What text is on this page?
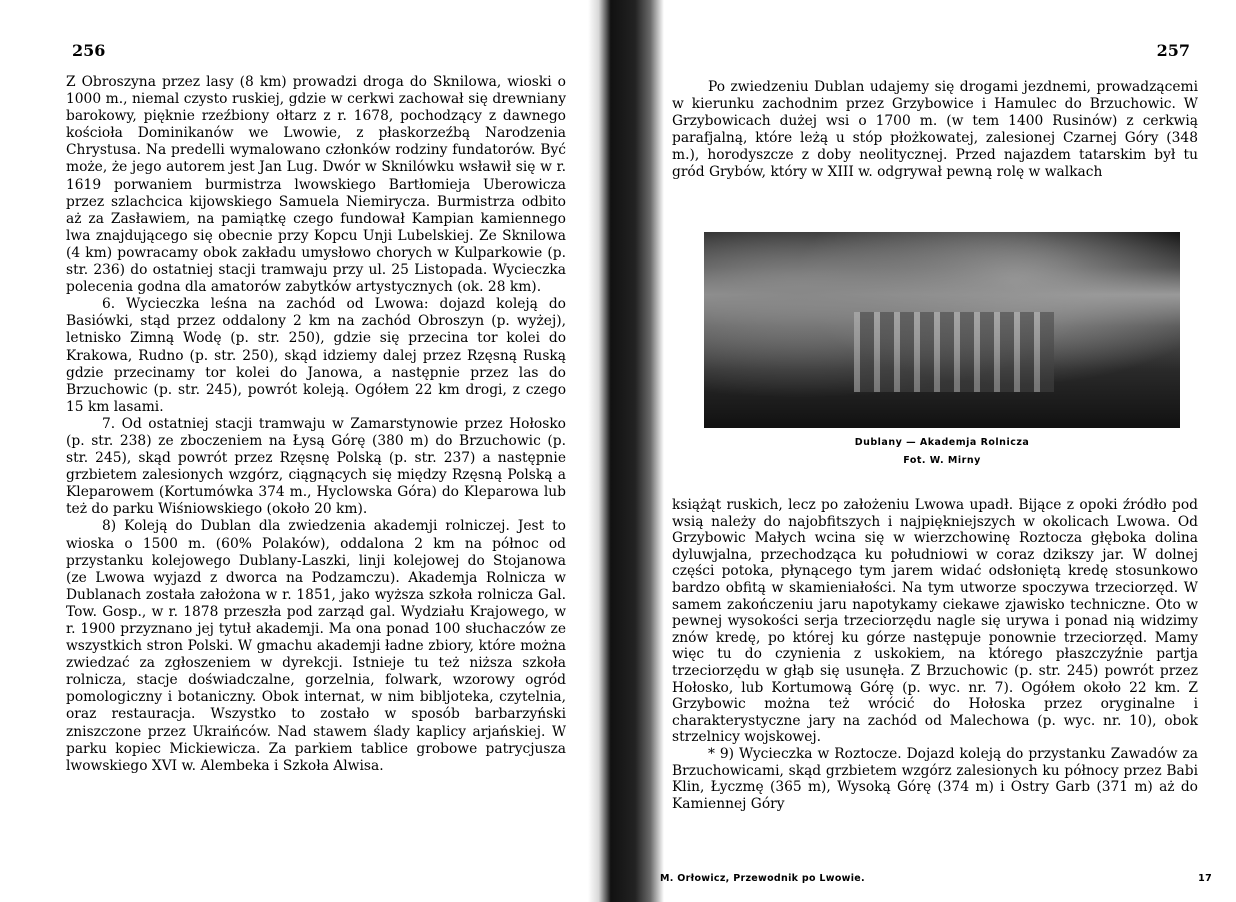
256

Z Obroszyna przez lasy (8 km) prowadzi droga do Sknilowa, wioski o 1000 m., niemal czysto ruskiej, gdzie w cerkwi zachował się drewniany barokowy, pięknie rzeźbiony ołtarz z r. 1678, pochodzący z dawnego kościoła Dominikanów we Lwowie, z płaskorzeźbą Narodzenia Chrystusa. Na predelli wymalowano członków rodziny fundatorów. Być może, że jego autorem jest Jan Lug. Dwór w Sknilówku wsławił się w r. 1619 porwaniem burmistrza lwowskiego Bartłomieja Uberowicza przez szlachcica kijowskiego Samuela Niemirycza. Burmistrza odbito aż za Zasławiem, na pamiątkę czego fundował Kampian kamiennego lwa znajdującego się obecnie przy Kopcu Unji Lubelskiej. Ze Sknilowa (4 km) powracamy obok zakładu umysłowo chorych w Kulparkowie (p. str. 236) do ostatniej stacji tramwaju przy ul. 25 Listopada. Wycieczka polecenia godna dla amatorów zabytków artystycznych (ok. 28 km).

6. Wycieczka leśna na zachód od Lwowa: dojazd koleją do Basiówki, stąd przez oddalony 2 km na zachód Obroszyn (p. wyżej), letnisko Zimną Wodę (p. str. 250), gdzie się przecina tor kolei do Krakowa, Rudno (p. str. 250), skąd idziemy dalej przez Rzęsną Ruską gdzie przecinamy tor kolei do Janowa, a następnie przez las do Brzuchowic (p. str. 245), powrót koleją. Ogółem 22 km drogi, z czego 15 km lasami.

7. Od ostatniej stacji tramwaju w Zamarstynowie przez Hołosko (p. str. 238) ze zboczeniem na Łysą Górę (380 m) do Brzuchowic (p. str. 245), skąd powrót przez Rzęsnę Polską (p. str. 237) a następnie grzbietem zalesionych wzgórz, ciągnących się między Rzęsną Polską a Kleparowem (Kortumówka 374 m., Hyclowska Góra) do Kleparowa lub też do parku Wiśniowskiego (około 20 km).

8) Koleją do Dublan dla zwiedzenia akademji rolniczej. Jest to wioska o 1500 m. (60% Polaków), oddalona 2 km na północ od przystanku kolejowego Dublany-Laszki, linji kolejowej do Stojanowa (ze Lwowa wyjazd z dworca na Podzamczu). Akademja Rolnicza w Dublanach została założona w r. 1851, jako wyższa szkoła rolnicza Gal. Tow. Gosp., w r. 1878 przeszła pod zarząd gal. Wydziału Krajowego, w r. 1900 przyznano jej tytuł akademji. Ma ona ponad 100 słuchaczów ze wszystkich stron Polski. W gmachu akademji ładne zbiory, które można zwiedzać za zgłoszeniem w dyrekcji. Istnieje tu też niższa szkoła rolnicza, stacje doświadczalne, gorzelnia, folwark, wzorowy ogród pomologiczny i botaniczny. Obok internat, w nim bibljoteka, czytelnia, oraz restauracja. Wszystko to zostało w sposób barbarzyński zniszczone przez Ukraińców. Nad stawem ślady kaplicy arjańskiej. W parku kopiec Mickiewicza. Za parkiem tablice grobowe patrycjusza lwowskiego XVI w. Alembeka i Szkoła Alwisa.

257

Po zwiedzeniu Dublan udajemy się drogami jezdnemi, prowadzącemi w kierunku zachodnim przez Grzybowice i Hamulec do Brzuchowic. W Grzybowicach dużej wsi o 1700 m. (w tem 1400 Rusinów) z cerkwią parafjalną, które leżą u stóp płożkowatej, zalesionej Czarnej Góry (348 m.), horodyszcze z doby neolitycznej. Przed najazdem tatarskim był tu gród Grybów, który w XIII w. odgrywał pewną rolę w walkach

Dublany — Akademja Rolnicza
Fot. W. Mirny

książąt ruskich, lecz po założeniu Lwowa upadł. Bijące z opoki źródło pod wsią należy do najobfitszych i najpiękniejszych w okolicach Lwowa. Od Grzybowic Małych wcina się w wierzchowinę Roztocza głęboka dolina dyluwjalna, przechodząca ku południowi w coraz dzikszy jar. W dolnej części potoka, płynącego tym jarem widać odsłoniętą kredę stosunkowo bardzo obfitą w skamieniałości. Na tym utworze spoczywa trzeciorzęd. W samem zakończeniu jaru napotykamy ciekawe zjawisko techniczne. Oto w pewnej wysokości serja trzeciorzędu nagle się urywa i ponad nią widzimy znów kredę, po której ku górze następuje ponownie trzeciorzęd. Mamy więc tu do czynienia z uskokiem, na którego płaszczyźnie partja trzeciorzędu w głąb się usunęła. Z Brzuchowic (p. str. 245) powrót przez Hołosko, lub Kortumową Górę (p. wyc. nr. 7). Ogółem około 22 km. Z Grzybowic można też wrócić do Hołoska przez oryginalne i charakterystyczne jary na zachód od Malechowa (p. wyc. nr. 10), obok strzelnicy wojskowej.

* 9) Wycieczka w Roztocze. Dojazd koleją do przystanku Zawadów za Brzuchowicami, skąd grzbietem wzgórz zalesionych ku północy przez Babi Klin, Łyczmę (365 m), Wysoką Górę (374 m) i Ostry Garb (371 m) aż do Kamiennej Góry

M. Orłowicz, Przewodnik po Lwowie.	17
